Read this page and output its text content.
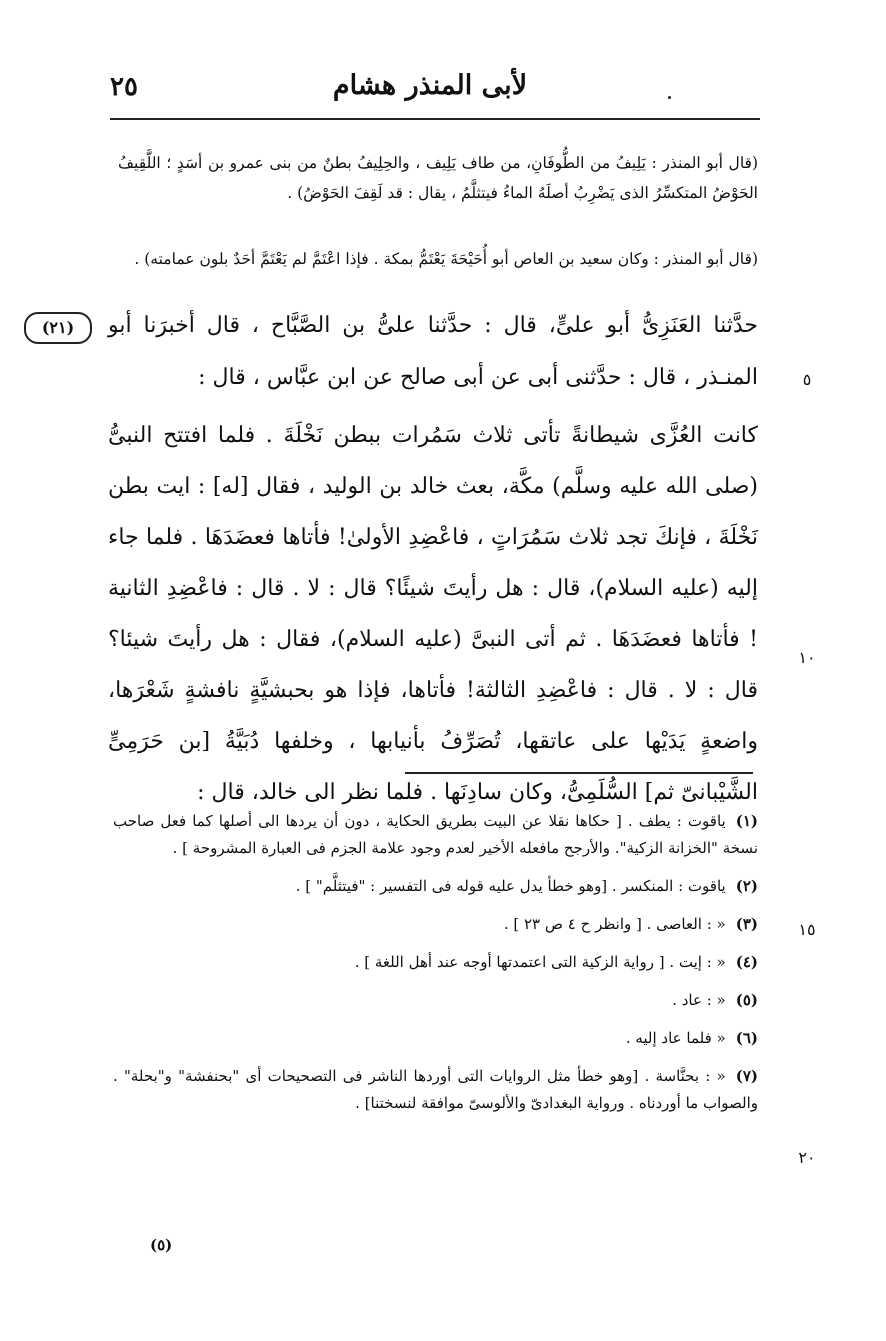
٢٥	لأبى المنذر هشام
(قال أبو المنذر : يَلِيفُ من الطُّوفَانِ، من طاف يَلِيف ، والحِلِيفُ بطنٌ من بنى عمرو بن أسَدٍ ؛ اللَّقِيفُ الحَوْضُ المتكسِّرُ الذى يَضْرِبُ أصلَهُ الماءُ فيتثلَّمُ ، يقال : قد لَقِفَ الحَوْضُ) .
(قال أبو المنذر : وكان سعيد بن العاص أبو أُحَيْحَةَ يَعْتَمُّ بمكة . فإذا اعْتَمَّ لم يَعْتَمَّ أحَدٌ بلون عمامته) .
(٢١)	حدَّثنا العَنَزِىُّ أبو علىٍّ، قال : حدَّثنا علىُّ بن الصَّبَّاح ، قال أخبرَنا أبو المنـذر ، قال : حدَّثنى أبى عن أبى صالح عن ابن عبَّاس ، قال :
كانت العُزَّى شيطانةً تأتى ثلاث سَمُرات ببطن نَخْلَةَ . فلما افتتح النبىُّ (صلى الله عليه وسلَّم) مكَّة، بعث خالد بن الوليد ، فقال [له] : ايت بطن نَخْلَةَ ، فإنكَ تجد ثلاث سَمُرَاتٍ ، فاعْضِدِ الأولىٰ! فأتاها فعضَدَهَا . فلما جاء إليه (عليه السلام)، قال : هل رأيتَ شيئًا؟ قال : لا . قال : فاعْضِدِ الثانية ! فأتاها فعضَدَهَا . ثم أتى النبىَّ (عليه السلام)، فقال : هل رأيتَ شيئا؟ قال : لا . قال : فاعْضِدِ الثالثة! فأتاها، فإذا هو بحبشيَّةٍ نافشةٍ شَعْرَها، واضعةٍ يَدَيْها على عاتقها، تُصَرِّفُ بأنيابها ، وخلفها دُبَيَّةُ [بن حَرَمِىٍّ الشَّيْبانىّ ثم] السُّلَمِىُّ، وكان سادِنَها . فلما نظر الى خالد، قال :
٥
١٠
١٥
٢٠
(١)ياقوت : يطف . [ حكاها نقلا عن البيت بطريق الحكاية ، دون أن يردها الى أصلها كما فعل صاحب نسخة "الخزانة الزكية". والأرجح مافعله الأخير لعدم وجود علامة الجزم فى العبارة المشروحة ] .
(٢)ياقوت : المنكسر . [وهو خطأ يدل عليه قوله فى التفسير : "فيتثلَّم" ] .
(٣)« : العاصى . [ وانظر ح ٤ ص ٢٣ ] .
(٤)« : إيت . [ رواية الزكية التى اعتمدتها أوجه عند أهل اللغة ] .
(٥)« : عاد .
(٦)« فلما عاد إليه .
(٧)« : بحنَّاسة . [وهو خطأ مثل الروايات التى أوردها الناشر فى التصحيحات أى "بحنفشة" و"بحلة" . والصواب ما أوردناه . ورواية البغدادىّ والألوسىّ موافقة لنسختنا] .
(٥)
